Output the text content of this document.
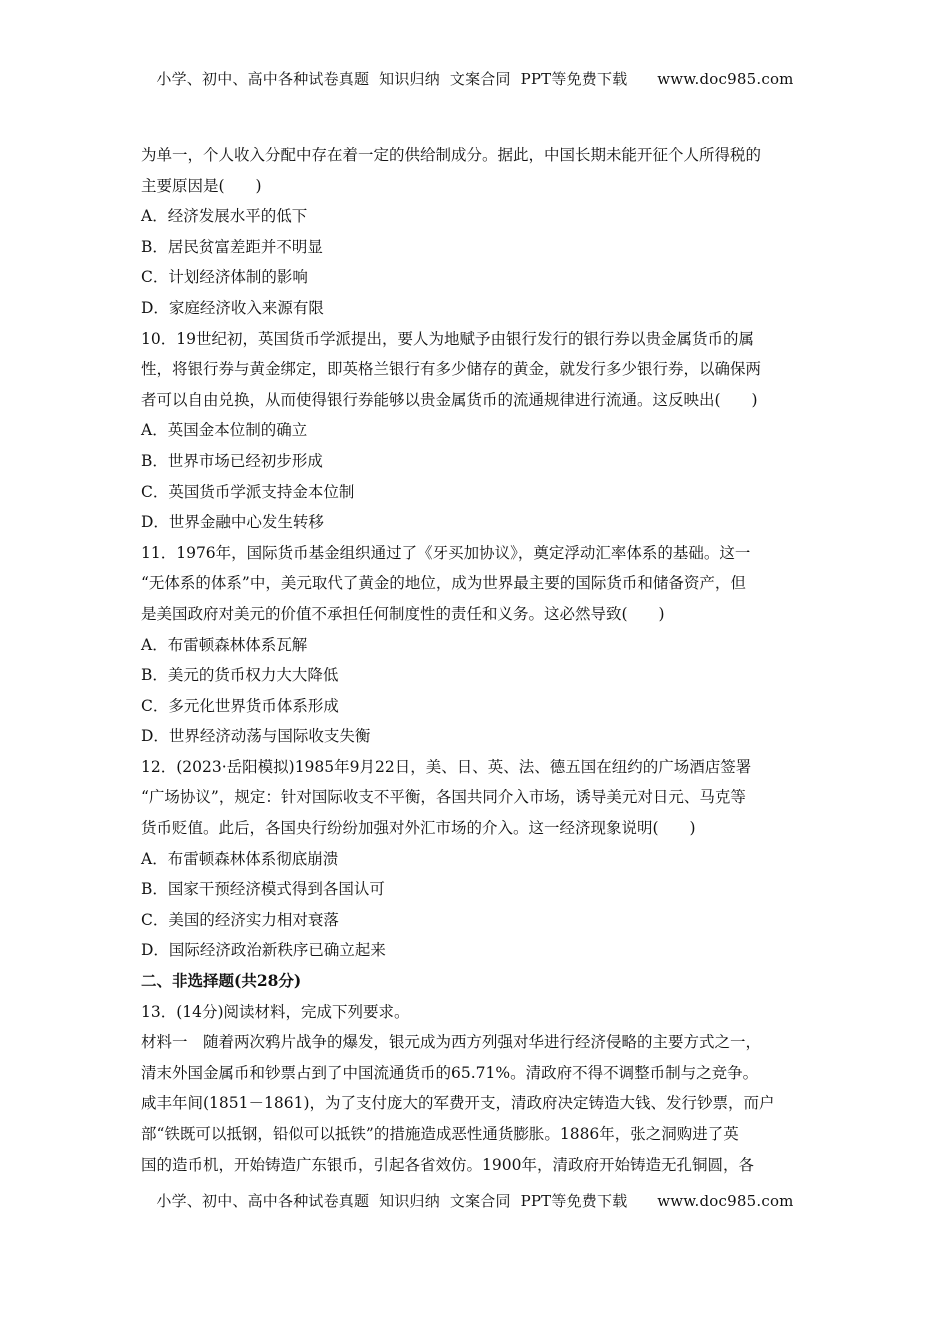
小学、初中、高中各种试卷真题  知识归纳  文案合同  PPT等免费下载      www.doc985.com
为单一，个人收入分配中存在着一定的供给制成分。据此，中国长期未能开征个人所得税的
主要原因是(　　)
A．经济发展水平的低下
B．居民贫富差距并不明显
C．计划经济体制的影响
D．家庭经济收入来源有限
10．19世纪初，英国货币学派提出，要人为地赋予由银行发行的银行券以贵金属货币的属
性，将银行券与黄金绑定，即英格兰银行有多少储存的黄金，就发行多少银行券，以确保两
者可以自由兑换，从而使得银行券能够以贵金属货币的流通规律进行流通。这反映出(　　)
A．英国金本位制的确立
B．世界市场已经初步形成
C．英国货币学派支持金本位制
D．世界金融中心发生转移
11．1976年，国际货币基金组织通过了《牙买加协议》，奠定浮动汇率体系的基础。这一
“无体系的体系”中，美元取代了黄金的地位，成为世界最主要的国际货币和储备资产，但
是美国政府对美元的价值不承担任何制度性的责任和义务。这必然导致(　　)
A．布雷顿森林体系瓦解
B．美元的货币权力大大降低
C．多元化世界货币体系形成
D．世界经济动荡与国际收支失衡
12．(2023·岳阳模拟)1985年9月22日，美、日、英、法、德五国在纽约的广场酒店签署
“广场协议”，规定：针对国际收支不平衡，各国共同介入市场，诱导美元对日元、马克等
货币贬值。此后，各国央行纷纷加强对外汇市场的介入。这一经济现象说明(　　)
A．布雷顿森林体系彻底崩溃
B．国家干预经济模式得到各国认可
C．美国的经济实力相对衰落
D．国际经济政治新秩序已确立起来
二、非选择题(共28分)
13．(14分)阅读材料，完成下列要求。
材料一　随着两次鸦片战争的爆发，银元成为西方列强对华进行经济侵略的主要方式之一，
清末外国金属币和钞票占到了中国流通货币的65.71%。清政府不得不调整币制与之竞争。
咸丰年间(1851－1861)，为了支付庞大的军费开支，清政府决定铸造大钱、发行钞票，而户
部“铁既可以抵钢，铅似可以抵铁”的措施造成恶性通货膨胀。1886年，张之洞购进了英
国的造币机，开始铸造广东银币，引起各省效仿。1900年，清政府开始铸造无孔铜圆，各
小学、初中、高中各种试卷真题  知识归纳  文案合同  PPT等免费下载      www.doc985.com
